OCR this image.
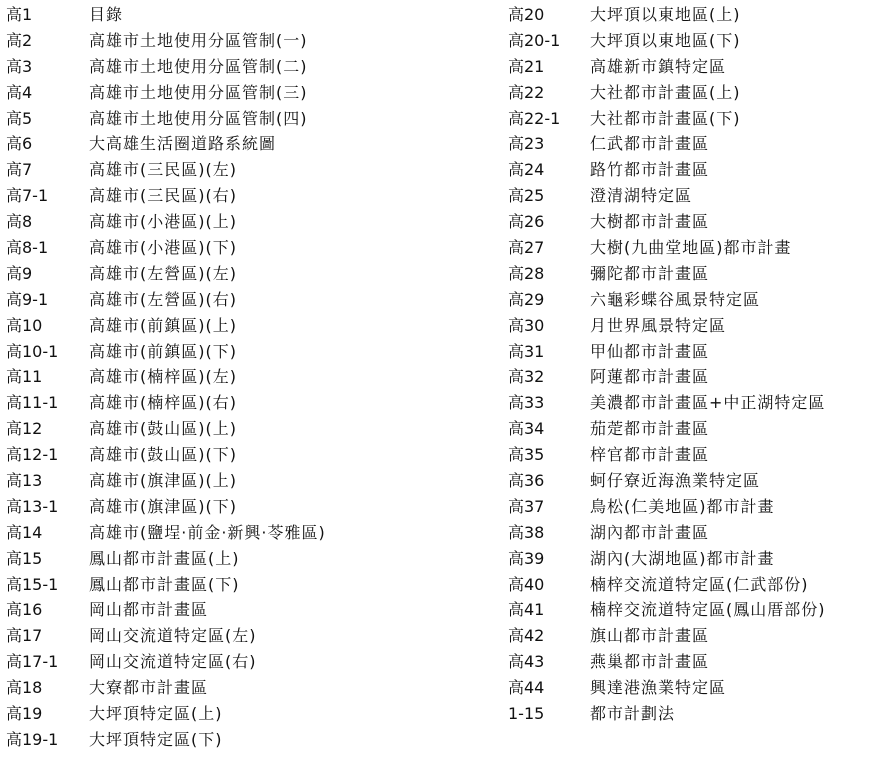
高1	目錄
高2	高雄市土地使用分區管制(一)
高3	高雄市土地使用分區管制(二)
高4	高雄市土地使用分區管制(三)
高5	高雄市土地使用分區管制(四)
高6	大高雄生活圈道路系統圖
高7	高雄市(三民區)(左)
高7-1	高雄市(三民區)(右)
高8	高雄市(小港區)(上)
高8-1	高雄市(小港區)(下)
高9	高雄市(左營區)(左)
高9-1	高雄市(左營區)(右)
高10	高雄市(前鎮區)(上)
高10-1	高雄市(前鎮區)(下)
高11	高雄市(楠梓區)(左)
高11-1	高雄市(楠梓區)(右)
高12	高雄市(鼓山區)(上)
高12-1	高雄市(鼓山區)(下)
高13	高雄市(旗津區)(上)
高13-1	高雄市(旗津區)(下)
高14	高雄市(鹽埕·前金·新興·苓雅區)
高15	鳳山都市計畫區(上)
高15-1	鳳山都市計畫區(下)
高16	岡山都市計畫區
高17	岡山交流道特定區(左)
高17-1	岡山交流道特定區(右)
高18	大寮都市計畫區
高19	大坪頂特定區(上)
高19-1	大坪頂特定區(下)
高20	大坪頂以東地區(上)
高20-1	大坪頂以東地區(下)
高21	高雄新市鎮特定區
高22	大社都市計畫區(上)
高22-1	大社都市計畫區(下)
高23	仁武都市計畫區
高24	路竹都市計畫區
高25	澄清湖特定區
高26	大樹都市計畫區
高27	大樹(九曲堂地區)都市計畫
高28	彌陀都市計畫區
高29	六龜彩蝶谷風景特定區
高30	月世界風景特定區
高31	甲仙都市計畫區
高32	阿蓮都市計畫區
高33	美濃都市計畫區+中正湖特定區
高34	茄萣都市計畫區
高35	梓官都市計畫區
高36	蚵仔寮近海漁業特定區
高37	鳥松(仁美地區)都市計畫
高38	湖內都市計畫區
高39	湖內(大湖地區)都市計畫
高40	楠梓交流道特定區(仁武部份)
高41	楠梓交流道特定區(鳳山厝部份)
高42	旗山都市計畫區
高43	燕巢都市計畫區
高44	興達港漁業特定區
1-15	都市計劃法
